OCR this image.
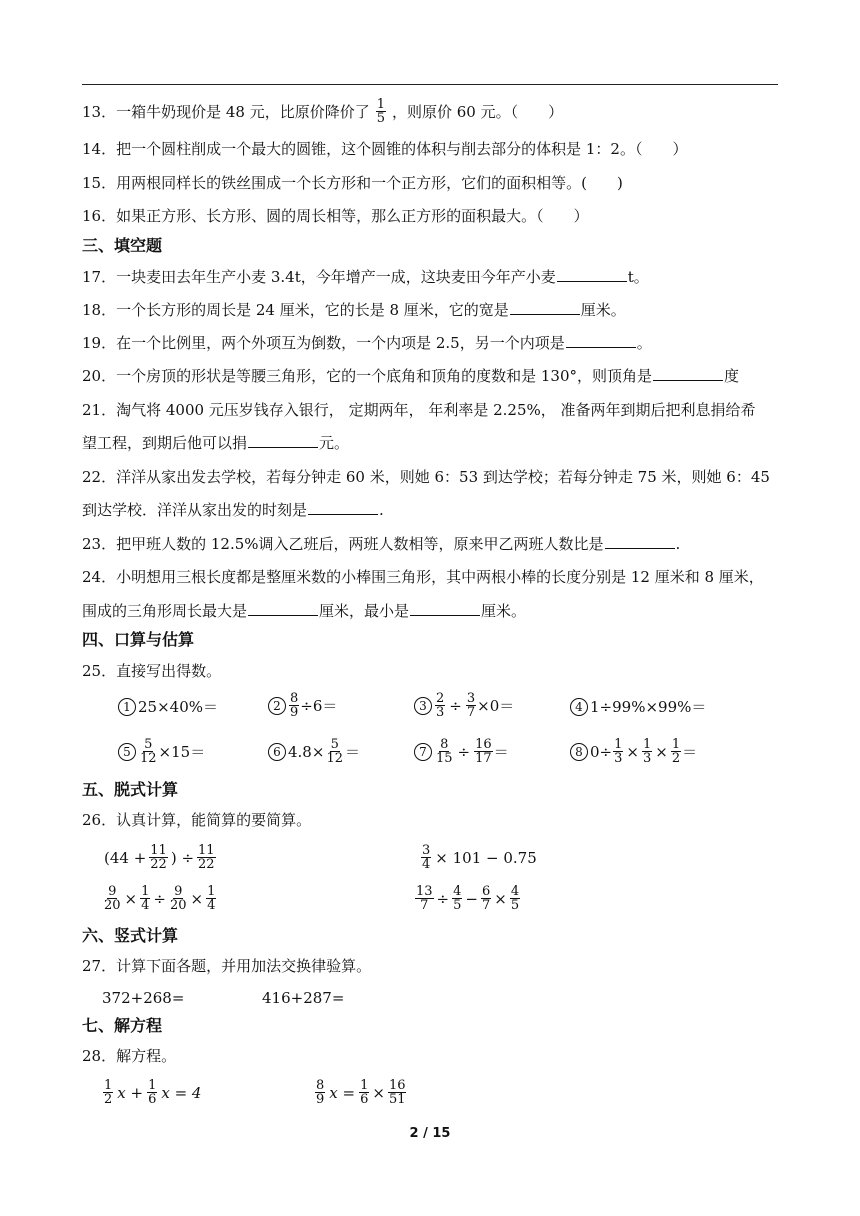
13．一箱牛奶现价是 48 元，比原价降价了 $\frac{1}{5}$ ，则原价 60 元。（　　）
14．把一个圆柱削成一个最大的圆锥，这个圆锥的体积与削去部分的体积是 1：2。（　　）
15．用两根同样长的铁丝围成一个长方形和一个正方形，它们的面积相等。(　　)
16．如果正方形、长方形、圆的周长相等，那么正方形的面积最大。（　　）
三、填空题
17．一块麦田去年生产小麦 3.4t，今年增产一成，这块麦田今年产小麦	t。
18．一个长方形的周长是 24 厘米，它的长是 8 厘米，它的宽是	厘米。
19．在一个比例里，两个外项互为倒数，一个内项是 2.5，另一个内项是	。
20．一个房顶的形状是等腰三角形，它的一个底角和顶角的度数和是 130°，则顶角是	度
21．淘气将 4000 元压岁钱存入银行， 定期两年， 年利率是 2.25%， 准备两年到期后把利息捐给希
望工程，到期后他可以捐	元。
22．洋洋从家出发去学校，若每分钟走 60 米，则她 6：53 到达学校；若每分钟走 75 米，则她 6：45
到达学校．洋洋从家出发的时刻是	.
23．把甲班人数的 12.5%调入乙班后，两班人数相等，原来甲乙两班人数比是	.
24．小明想用三根长度都是整厘米数的小棒围三角形，其中两根小棒的长度分别是 12 厘米和 8 厘米，
围成的三角形周长最大是	厘米，最小是	厘米。
四、口算与估算
25．直接写出得数。
1 25×40%＝	$2 \frac{8}{9} \div 6=$	$3 \frac{2}{3} \div \frac{3}{7} \times 0=$	4 1÷99%×99%＝
$5 \frac{5}{12} \times 15=$	6 $4.8\times \frac{5}{12}$ ＝	$7 \frac{8}{15} \div \frac{16}{17}$ ＝	8 $0\div \frac{1}{3} \times \frac{1}{3} \times \frac{1}{2}$ ＝
五、脱式计算
26．认真计算，能简算的要简算。
($44 + \frac{11}{22}$ ) ÷ $\frac{11}{22}$	$\frac{3}{4} \times 101 - 0.75$
$\frac{9}{20} \times \frac{1}{4} \div \frac{9}{20} \times \frac{1}{4}$	$\frac{13}{7} \div \frac{4}{5} - \frac{6}{7} \times \frac{4}{5}$
六、竖式计算
27．计算下面各题，并用加法交换律验算。
372+268=	416+287=
七、解方程
28．解方程。
$\frac{1}{2}$ $x + \frac{1}{6}$ x = 4	$\frac{8}{9}$ $x = \frac{1}{6} \times \frac{16}{51}$
2 / 15
